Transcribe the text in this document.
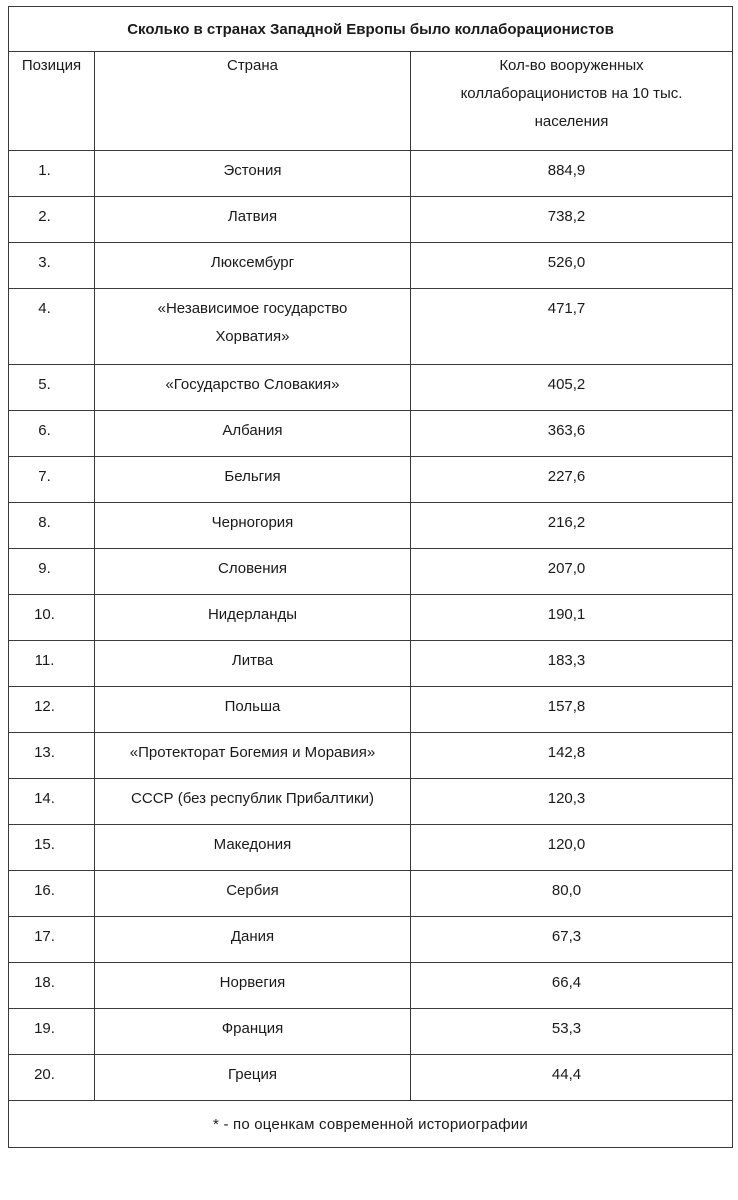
Сколько в странах Западной Европы было коллаборационистов		
Позиция	Страна	Кол-во вооруженных коллаборационистов на 10 тыс. населения

1.	Эстония	884,9
2.	Латвия	738,2
3.	Люксембург	526,0
4.	«Независимое государство Хорватия»	471,7
5.	«Государство Словакия»	405,2
6.	Албания	363,6
7.	Бельгия	227,6
8.	Черногория	216,2
9.	Словения	207,0
10.	Нидерланды	190,1
11.	Литва	183,3
12.	Польша	157,8
13.	«Протекторат Богемия и Моравия»	142,8
14.	СССР (без республик Прибалтики)	120,3
15.	Македония	120,0
16.	Сербия	80,0
17.	Дания	67,3
18.	Норвегия	66,4
19.	Франция	53,3
20.	Греция	44,4
* - по оценкам современной историографии		
